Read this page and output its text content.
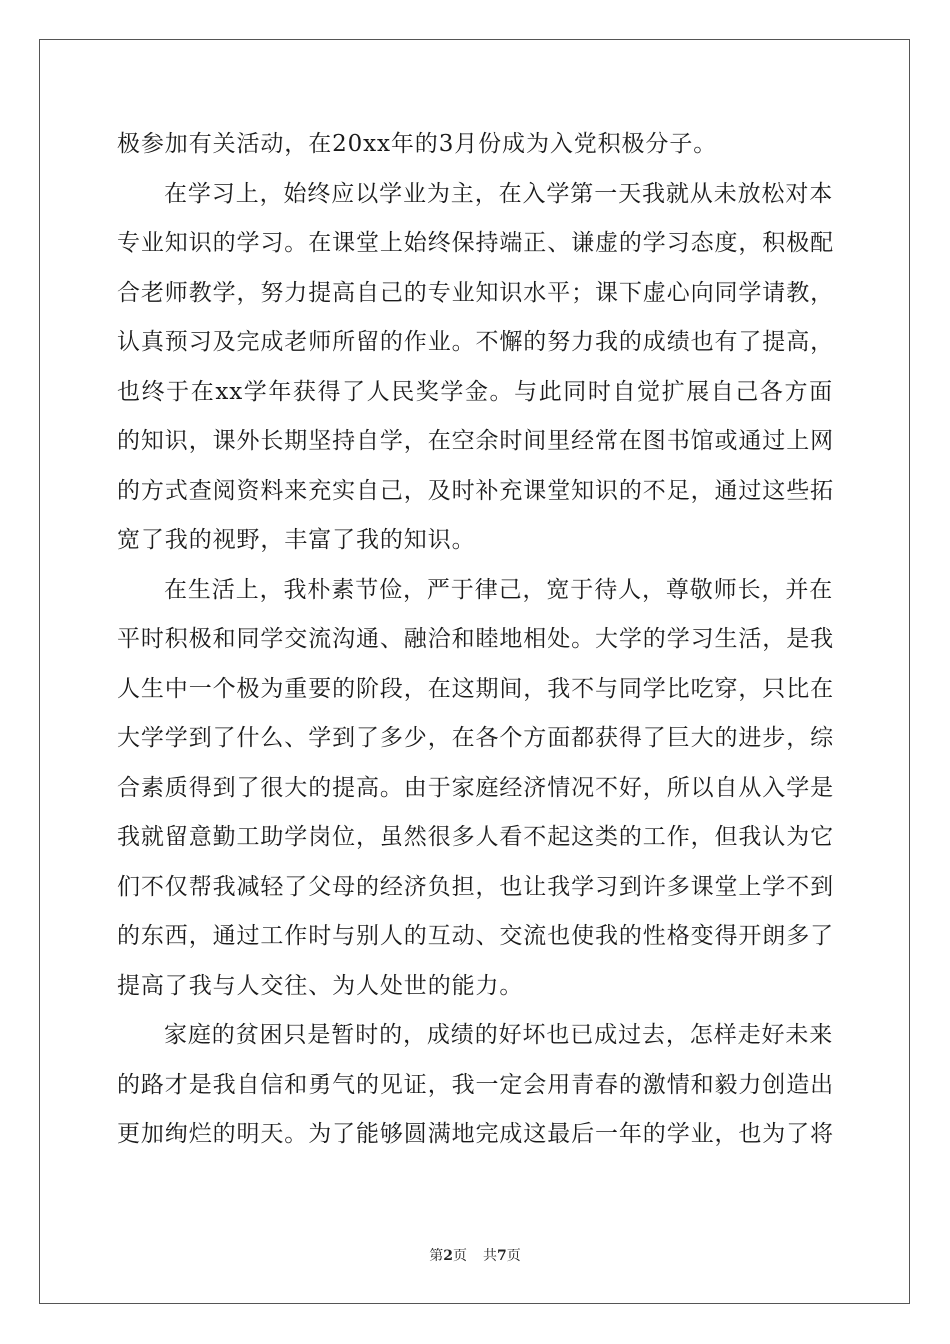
极参加有关活动，在20xx年的3月份成为入党积极分子。
在学习上，始终应以学业为主，在入学第一天我就从未放松对本
专业知识的学习。在课堂上始终保持端正、谦虚的学习态度，积极配
合老师教学，努力提高自己的专业知识水平；课下虚心向同学请教，
认真预习及完成老师所留的作业。不懈的努力我的成绩也有了提高，
也终于在xx学年获得了人民奖学金。与此同时自觉扩展自己各方面
的知识，课外长期坚持自学，在空余时间里经常在图书馆或通过上网
的方式查阅资料来充实自己，及时补充课堂知识的不足，通过这些拓
宽了我的视野，丰富了我的知识。
在生活上，我朴素节俭，严于律己，宽于待人，尊敬师长，并在
平时积极和同学交流沟通、融洽和睦地相处。大学的学习生活，是我
人生中一个极为重要的阶段，在这期间，我不与同学比吃穿，只比在
大学学到了什么、学到了多少，在各个方面都获得了巨大的进步，综
合素质得到了很大的提高。由于家庭经济情况不好，所以自从入学是
我就留意勤工助学岗位，虽然很多人看不起这类的工作，但我认为它
们不仅帮我减轻了父母的经济负担，也让我学习到许多课堂上学不到
的东西，通过工作时与别人的互动、交流也使我的性格变得开朗多了
提高了我与人交往、为人处世的能力。
家庭的贫困只是暂时的，成绩的好坏也已成过去，怎样走好未来
的路才是我自信和勇气的见证，我一定会用青春的激情和毅力创造出
更加绚烂的明天。为了能够圆满地完成这最后一年的学业，也为了将
第2页 共7页
